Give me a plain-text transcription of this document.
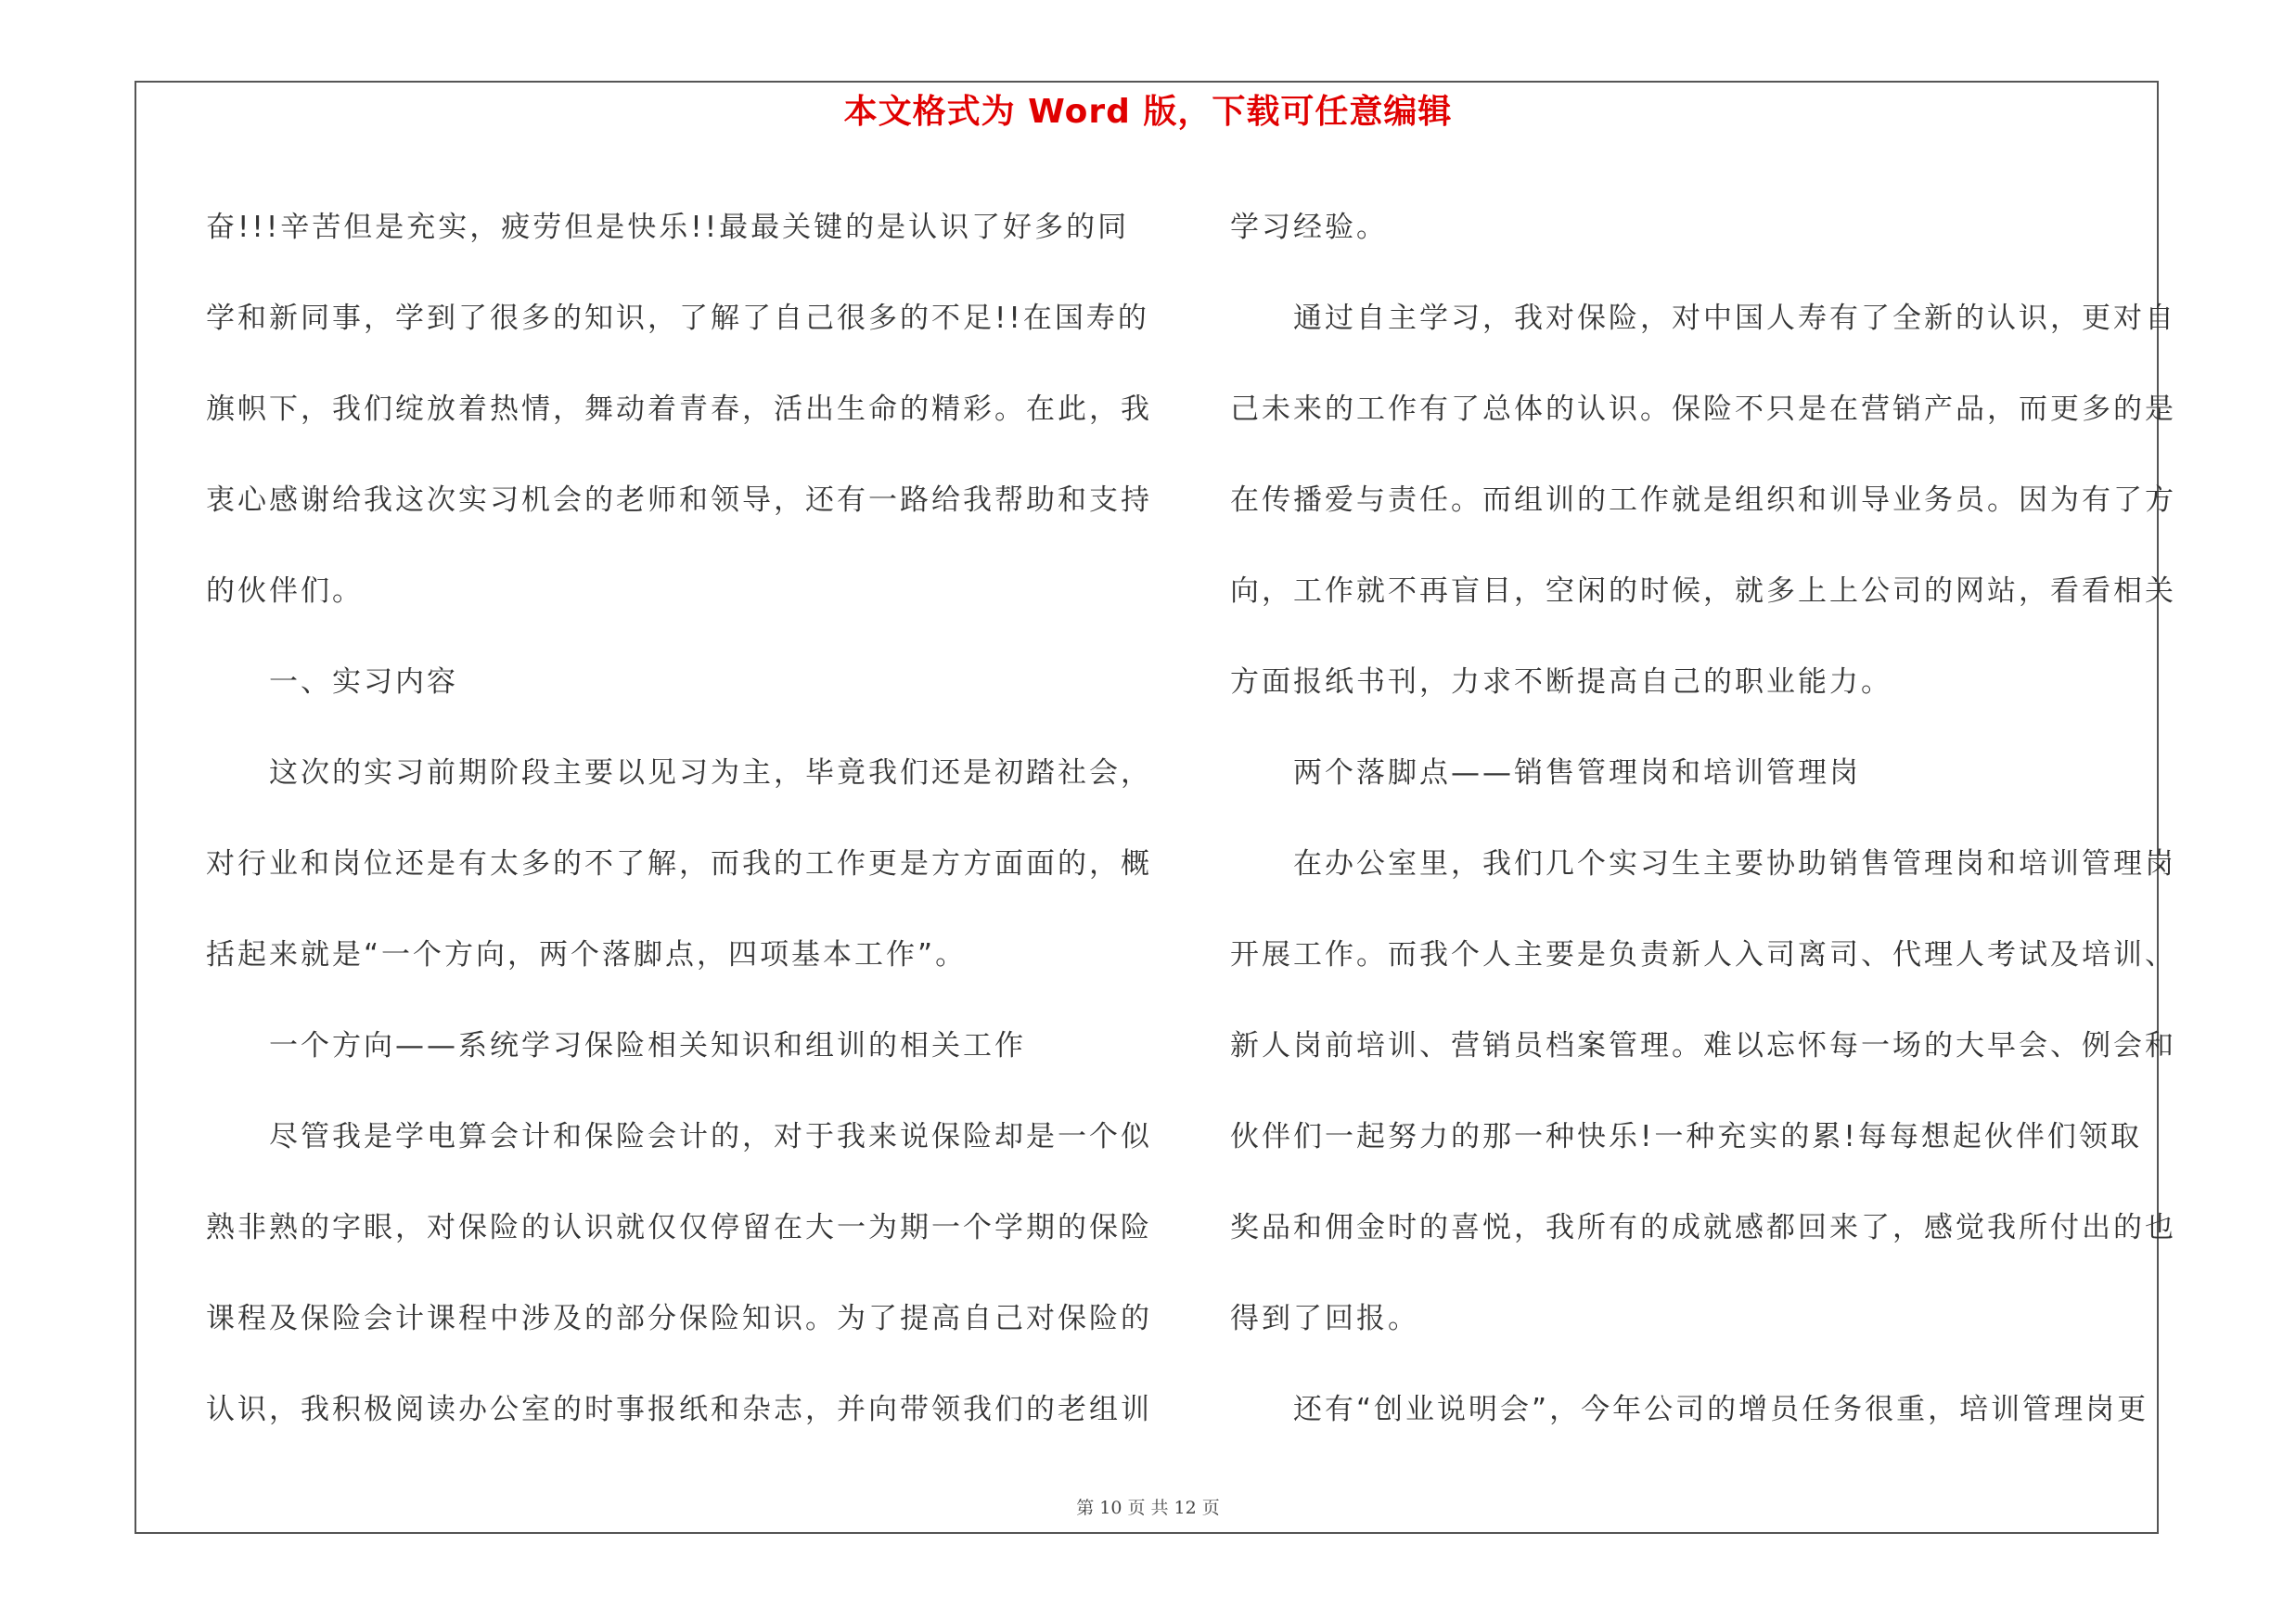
本文格式为 Word 版，下载可任意编辑
奋!!!辛苦但是充实，疲劳但是快乐!!最最关键的是认识了好多的同
学和新同事，学到了很多的知识，了解了自己很多的不足!!在国寿的
旗帜下，我们绽放着热情，舞动着青春，活出生命的精彩。在此，我
衷心感谢给我这次实习机会的老师和领导，还有一路给我帮助和支持
的伙伴们。
　　一、实习内容
　　这次的实习前期阶段主要以见习为主，毕竟我们还是初踏社会，
对行业和岗位还是有太多的不了解，而我的工作更是方方面面的，概
括起来就是“一个方向，两个落脚点，四项基本工作”。
　　一个方向——系统学习保险相关知识和组训的相关工作
　　尽管我是学电算会计和保险会计的，对于我来说保险却是一个似
熟非熟的字眼，对保险的认识就仅仅停留在大一为期一个学期的保险
课程及保险会计课程中涉及的部分保险知识。为了提高自己对保险的
认识，我积极阅读办公室的时事报纸和杂志，并向带领我们的老组训
学习经验。
　　通过自主学习，我对保险，对中国人寿有了全新的认识，更对自
己未来的工作有了总体的认识。保险不只是在营销产品，而更多的是
在传播爱与责任。而组训的工作就是组织和训导业务员。因为有了方
向，工作就不再盲目，空闲的时候，就多上上公司的网站，看看相关
方面报纸书刊，力求不断提高自己的职业能力。
　　两个落脚点——销售管理岗和培训管理岗
　　在办公室里，我们几个实习生主要协助销售管理岗和培训管理岗
开展工作。而我个人主要是负责新人入司离司、代理人考试及培训、
新人岗前培训、营销员档案管理。难以忘怀每一场的大早会、例会和
伙伴们一起努力的那一种快乐!一种充实的累!每每想起伙伴们领取
奖品和佣金时的喜悦，我所有的成就感都回来了，感觉我所付出的也
得到了回报。
　　还有“创业说明会”，今年公司的增员任务很重，培训管理岗更
第 10 页 共 12 页
